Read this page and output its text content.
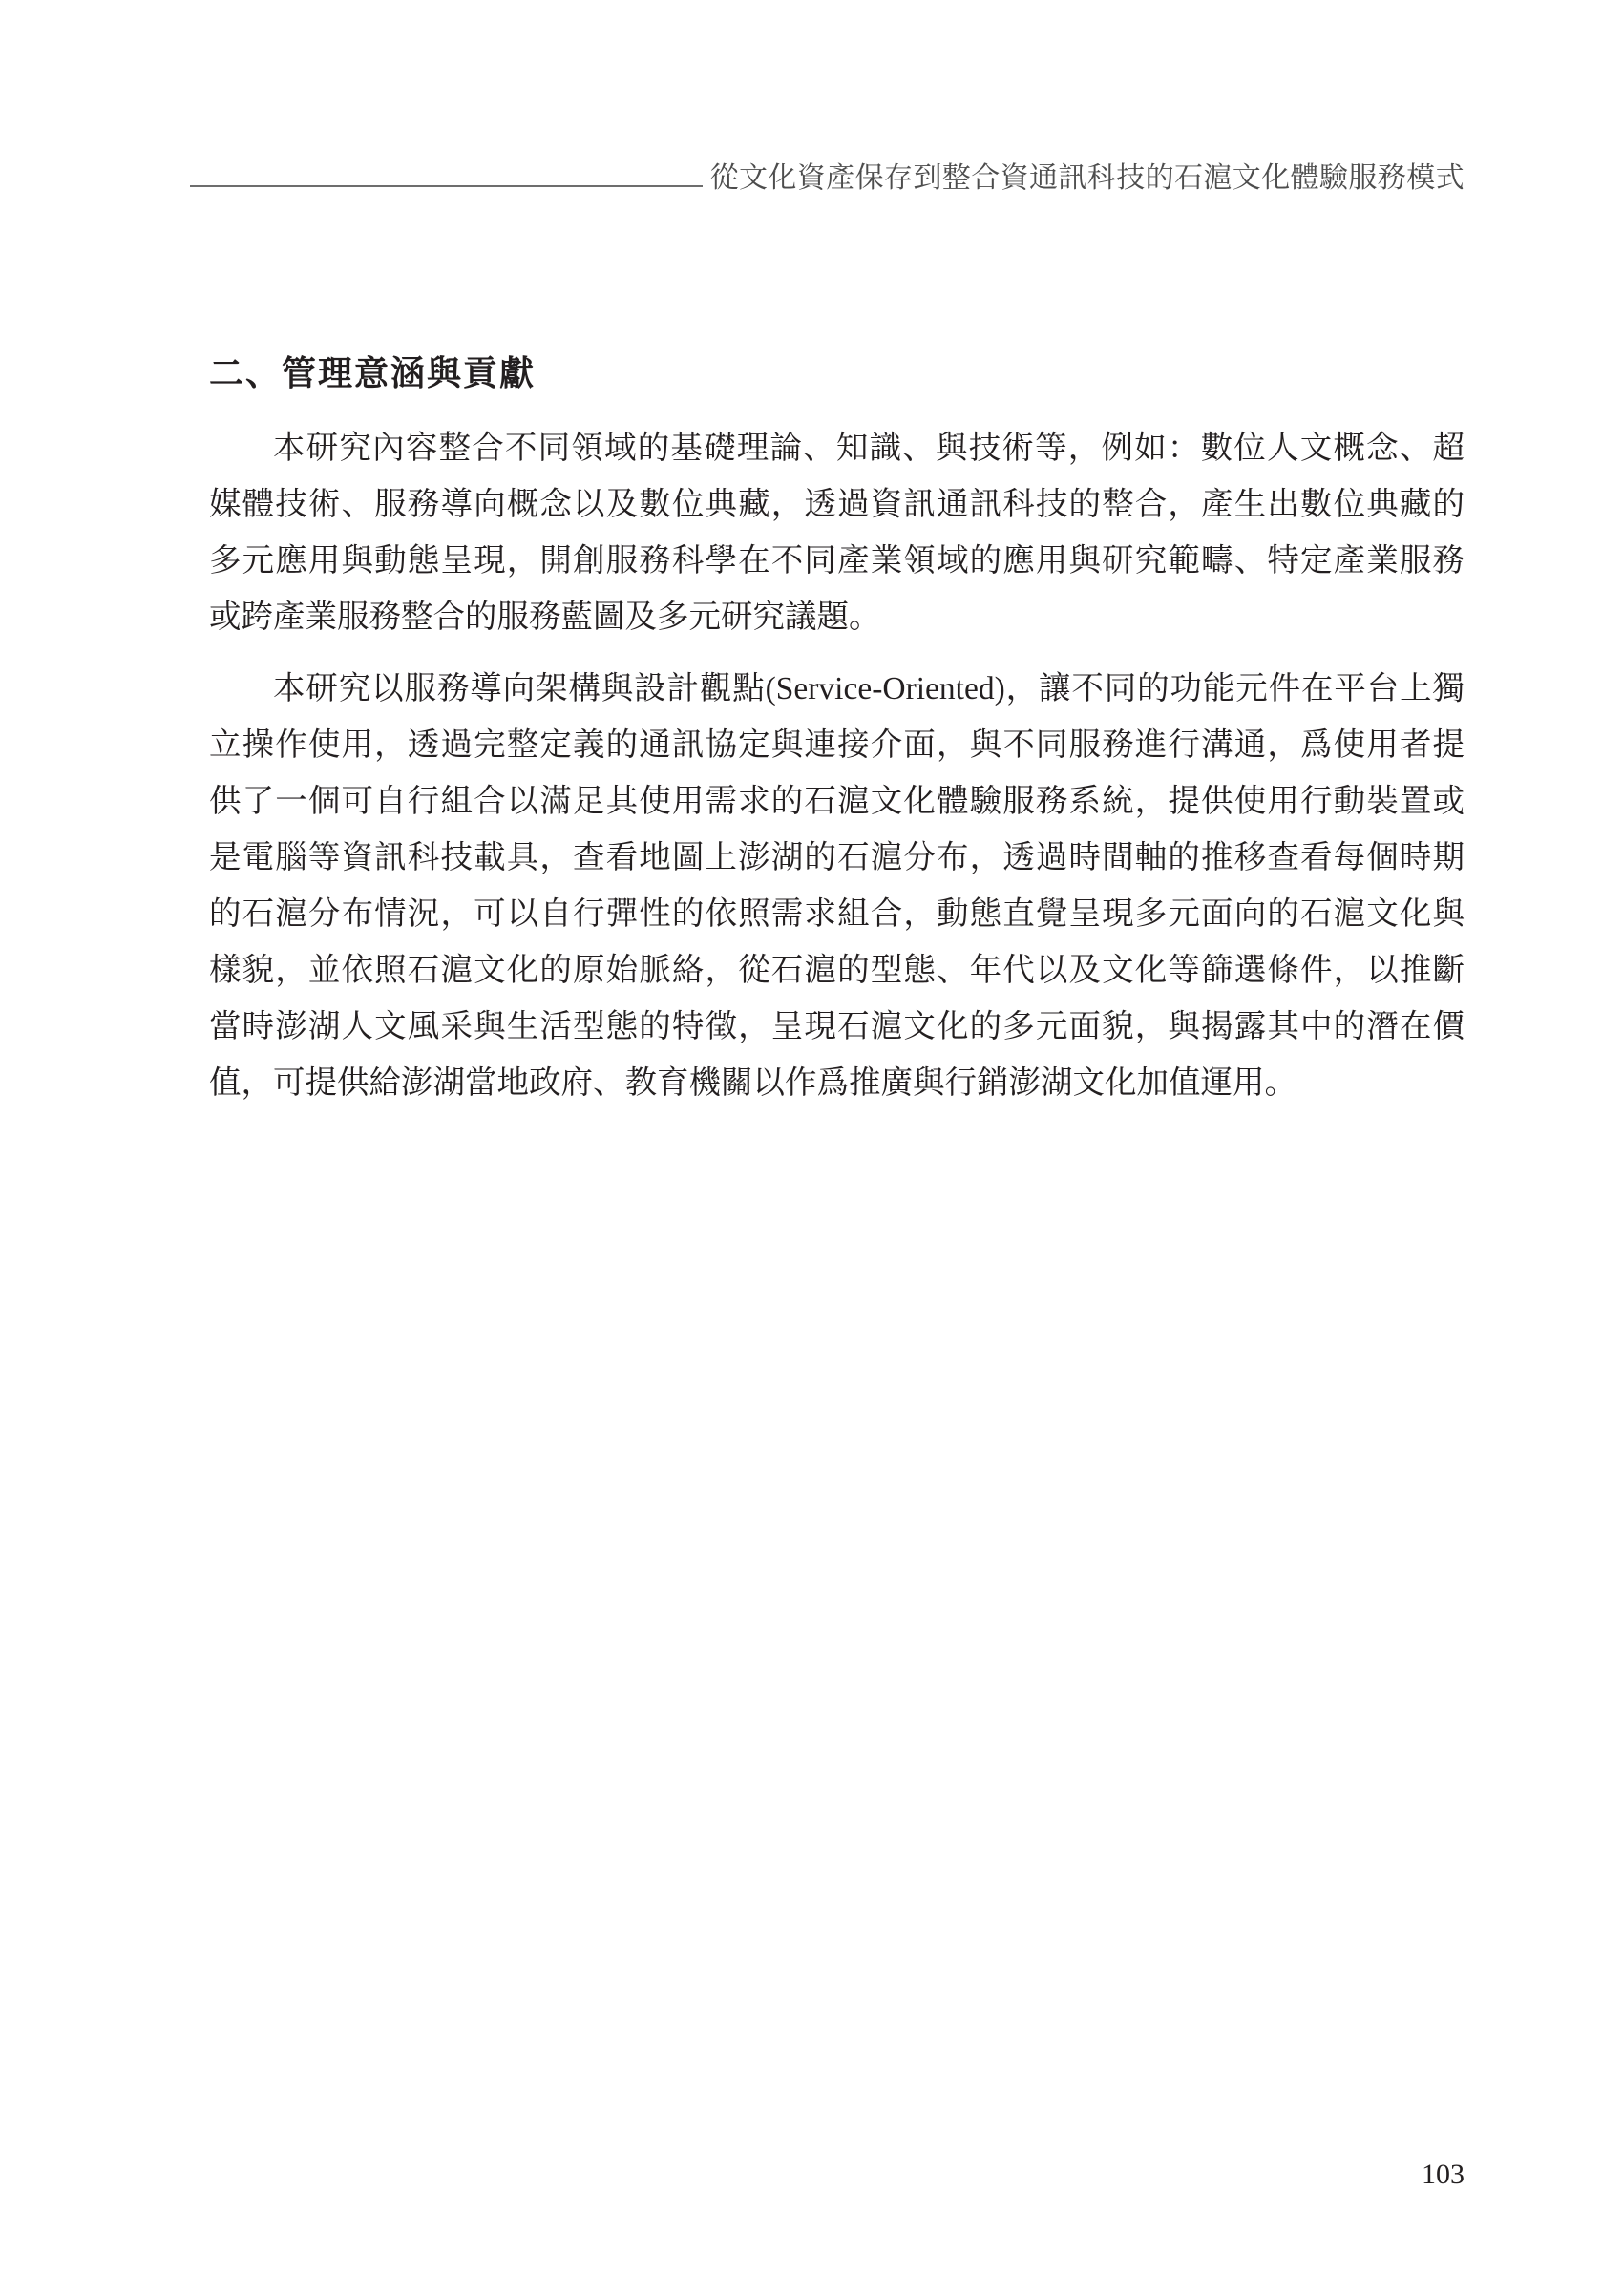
從文化資產保存到整合資通訊科技的石滬文化體驗服務模式
二、管理意涵與貢獻
本研究內容整合不同領域的基礎理論、知識、與技術等，例如：數位人文概念、超
媒體技術、服務導向概念以及數位典藏，透過資訊通訊科技的整合，產生出數位典藏的
多元應用與動態呈現，開創服務科學在不同產業領域的應用與研究範疇、特定產業服務
或跨產業服務整合的服務藍圖及多元研究議題。
本研究以服務導向架構與設計觀點(Service-Oriented)，讓不同的功能元件在平台上獨
立操作使用，透過完整定義的通訊協定與連接介面，與不同服務進行溝通，爲使用者提
供了一個可自行組合以滿足其使用需求的石滬文化體驗服務系統，提供使用行動裝置或
是電腦等資訊科技載具，查看地圖上澎湖的石滬分布，透過時間軸的推移查看每個時期
的石滬分布情況，可以自行彈性的依照需求組合，動態直覺呈現多元面向的石滬文化與
樣貌，並依照石滬文化的原始脈絡，從石滬的型態、年代以及文化等篩選條件，以推斷
當時澎湖人文風采與生活型態的特徵，呈現石滬文化的多元面貌，與揭露其中的潛在價
值，可提供給澎湖當地政府、教育機關以作爲推廣與行銷澎湖文化加值運用。
103
